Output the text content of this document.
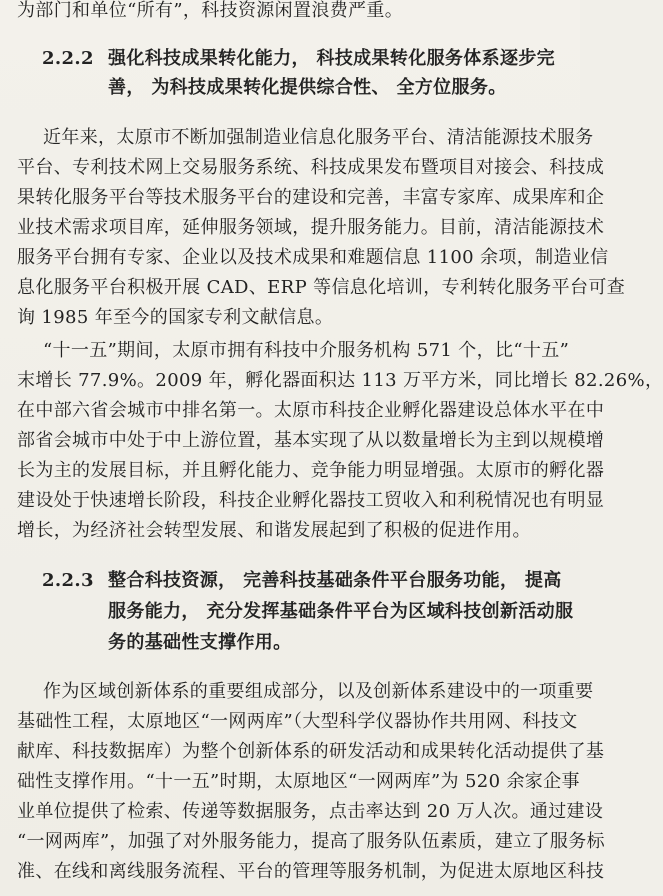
为部门和单位“所有”，科技资源闲置浪费严重。
2.2.2 强化科技成果转化能力， 科技成果转化服务体系逐步完
善， 为科技成果转化提供综合性、 全方位服务。
近年来，太原市不断加强制造业信息化服务平台、清洁能源技术服务
平台、专利技术网上交易服务系统、科技成果发布暨项目对接会、科技成
果转化服务平台等技术服务平台的建设和完善，丰富专家库、成果库和企
业技术需求项目库，延伸服务领域，提升服务能力。目前，清洁能源技术
服务平台拥有专家、企业以及技术成果和难题信息 1100 余项，制造业信
息化服务平台积极开展 CAD、ERP 等信息化培训，专利转化服务平台可查
询 1985 年至今的国家专利文献信息。
“十一五”期间，太原市拥有科技中介服务机构 571 个，比“十五”
末增长 77.9%。2009 年，孵化器面积达 113 万平方米，同比增长 82.26%，
在中部六省会城市中排名第一。太原市科技企业孵化器建设总体水平在中
部省会城市中处于中上游位置，基本实现了从以数量增长为主到以规模增
长为主的发展目标，并且孵化能力、竞争能力明显增强。太原市的孵化器
建设处于快速增长阶段，科技企业孵化器技工贸收入和利税情况也有明显
增长，为经济社会转型发展、和谐发展起到了积极的促进作用。
2.2.3 整合科技资源， 完善科技基础条件平台服务功能， 提高
服务能力， 充分发挥基础条件平台为区域科技创新活动服
务的基础性支撑作用。
作为区域创新体系的重要组成部分，以及创新体系建设中的一项重要
基础性工程，太原地区“一网两库”（大型科学仪器协作共用网、科技文
献库、科技数据库）为整个创新体系的研发活动和成果转化活动提供了基
础性支撑作用。“十一五”时期，太原地区“一网两库”为 520 余家企事
业单位提供了检索、传递等数据服务，点击率达到 20 万人次。通过建设
“一网两库”，加强了对外服务能力，提高了服务队伍素质，建立了服务标
准、在线和离线服务流程、平台的管理等服务机制，为促进太原地区科技
